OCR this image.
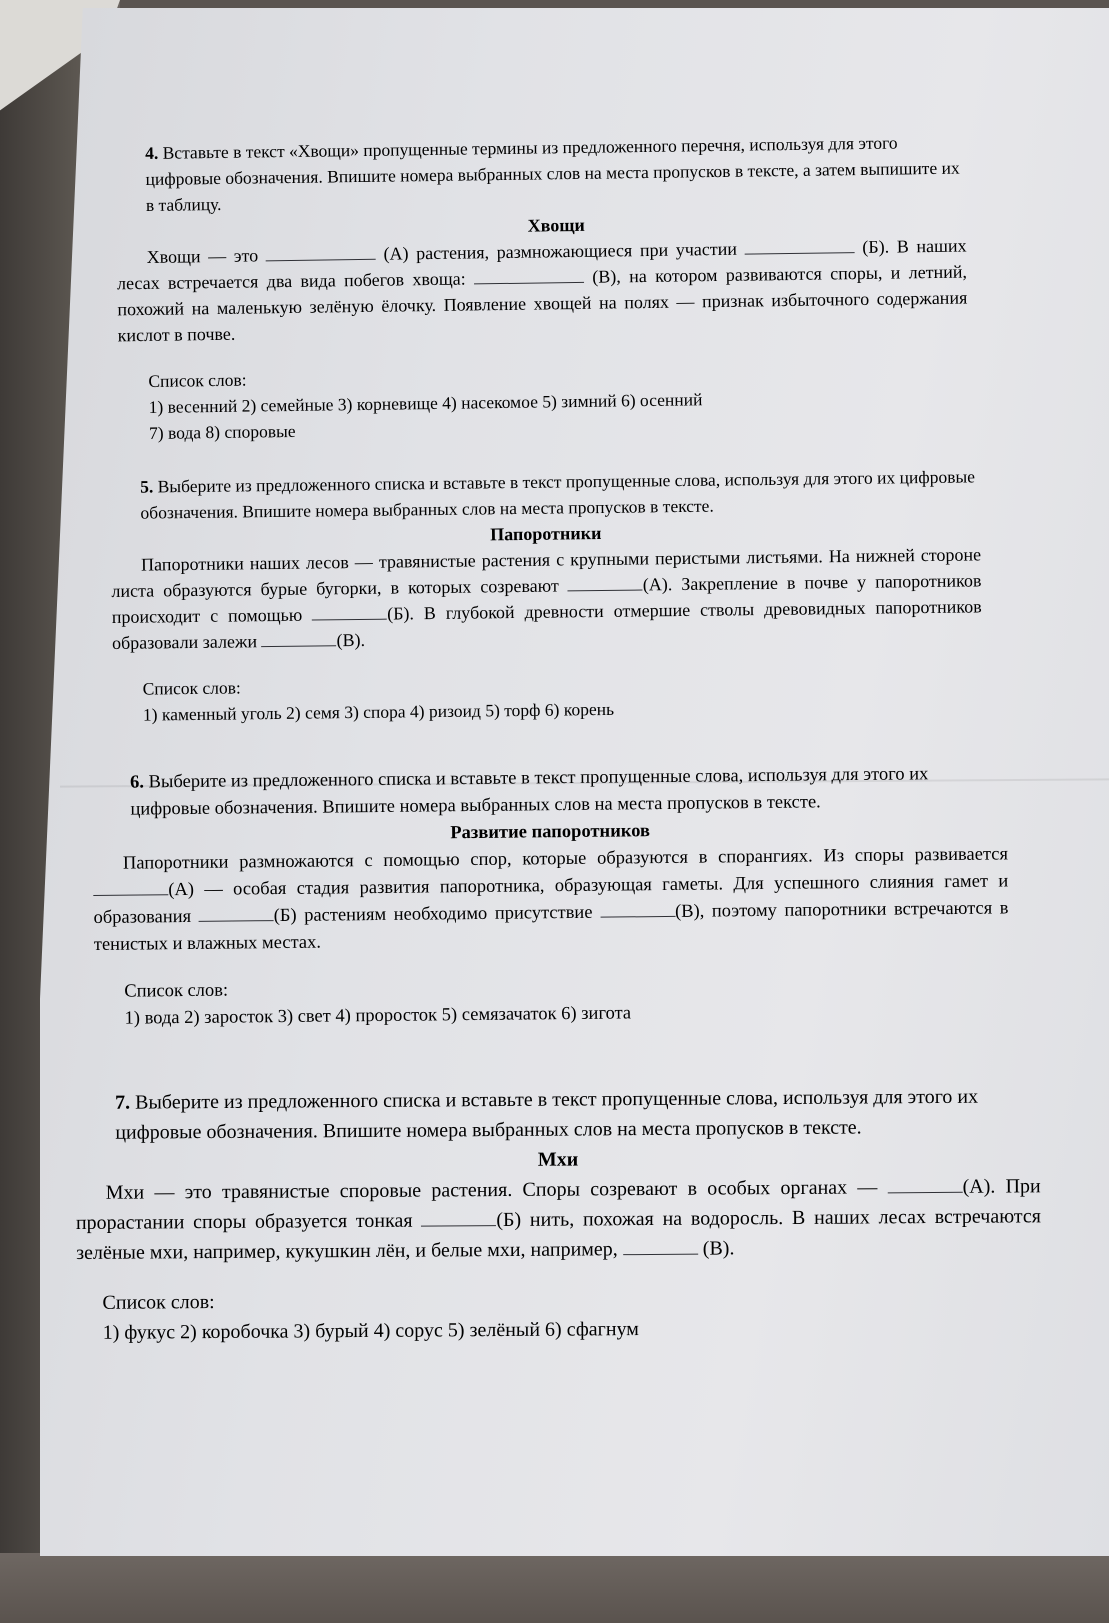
4. Вставьте в текст «Хвощи» пропущенные термины из предложенного перечня, используя для этого цифровые обозначения. Впишите номера выбранных слов на места пропусков в тексте, а затем выпишите их в таблицу.

Хвощи

Хвощи — это	(А) растения, размножающиеся при участии	(Б). В наших лесах встречается два вида побегов хвоща:	(В), на котором развиваются споры, и летний, похожий на маленькую зелёную ёлочку. Появление хвощей на полях — признак избыточного содержания кислот в почве.

Список слов:

1) весенний 2) семейные 3) корневище 4) насекомое 5) зимний 6) осенний

7) вода 8) споровые

5. Выберите из предложенного списка и вставьте в текст пропущенные слова, используя для этого их цифровые обозначения. Впишите номера выбранных слов на места пропусков в тексте.

Папоротники

Папоротники наших лесов — травянистые растения с крупными перистыми листьями. На нижней стороне листа образуются бурые бугорки, в которых созревают	(А). Закрепление в почве у папоротников происходит с помощью	(Б). В глубокой древности отмершие стволы древовидных папоротников образовали залежи	(В).

Список слов:

1) каменный уголь 2) семя 3) спора 4) ризоид 5) торф 6) корень

6. Выберите из предложенного списка и вставьте в текст пропущенные слова, используя для этого их цифровые обозначения. Впишите номера выбранных слов на места пропусков в тексте.

Развитие папоротников

Папоротники размножаются с помощью спор, которые образуются в спорангиях. Из споры развивается (А) — особая стадия развития папоротника, образующая гаметы. Для успешного слияния гамет и образования	(Б) растениям необходимо присутствие	(В), поэтому папоротники встречаются в тенистых и влажных местах.

Список слов:

1) вода 2) заросток 3) свет 4) проросток 5) семязачаток 6) зигота

7. Выберите из предложенного списка и вставьте в текст пропущенные слова, используя для этого их цифровые обозначения. Впишите номера выбранных слов на места пропусков в тексте.

Мхи

Мхи — это травянистые споровые растения. Споры созревают в особых органах —	(А). При прорастании споры образуется тонкая	(Б) нить, похожая на водоросль. В наших лесах встречаются зелёные мхи, например, кукушкин лён, и белые мхи, например,	(В).

Список слов:

1) фукус 2) коробочка 3) бурый 4) сорус 5) зелёный 6) сфагнум
